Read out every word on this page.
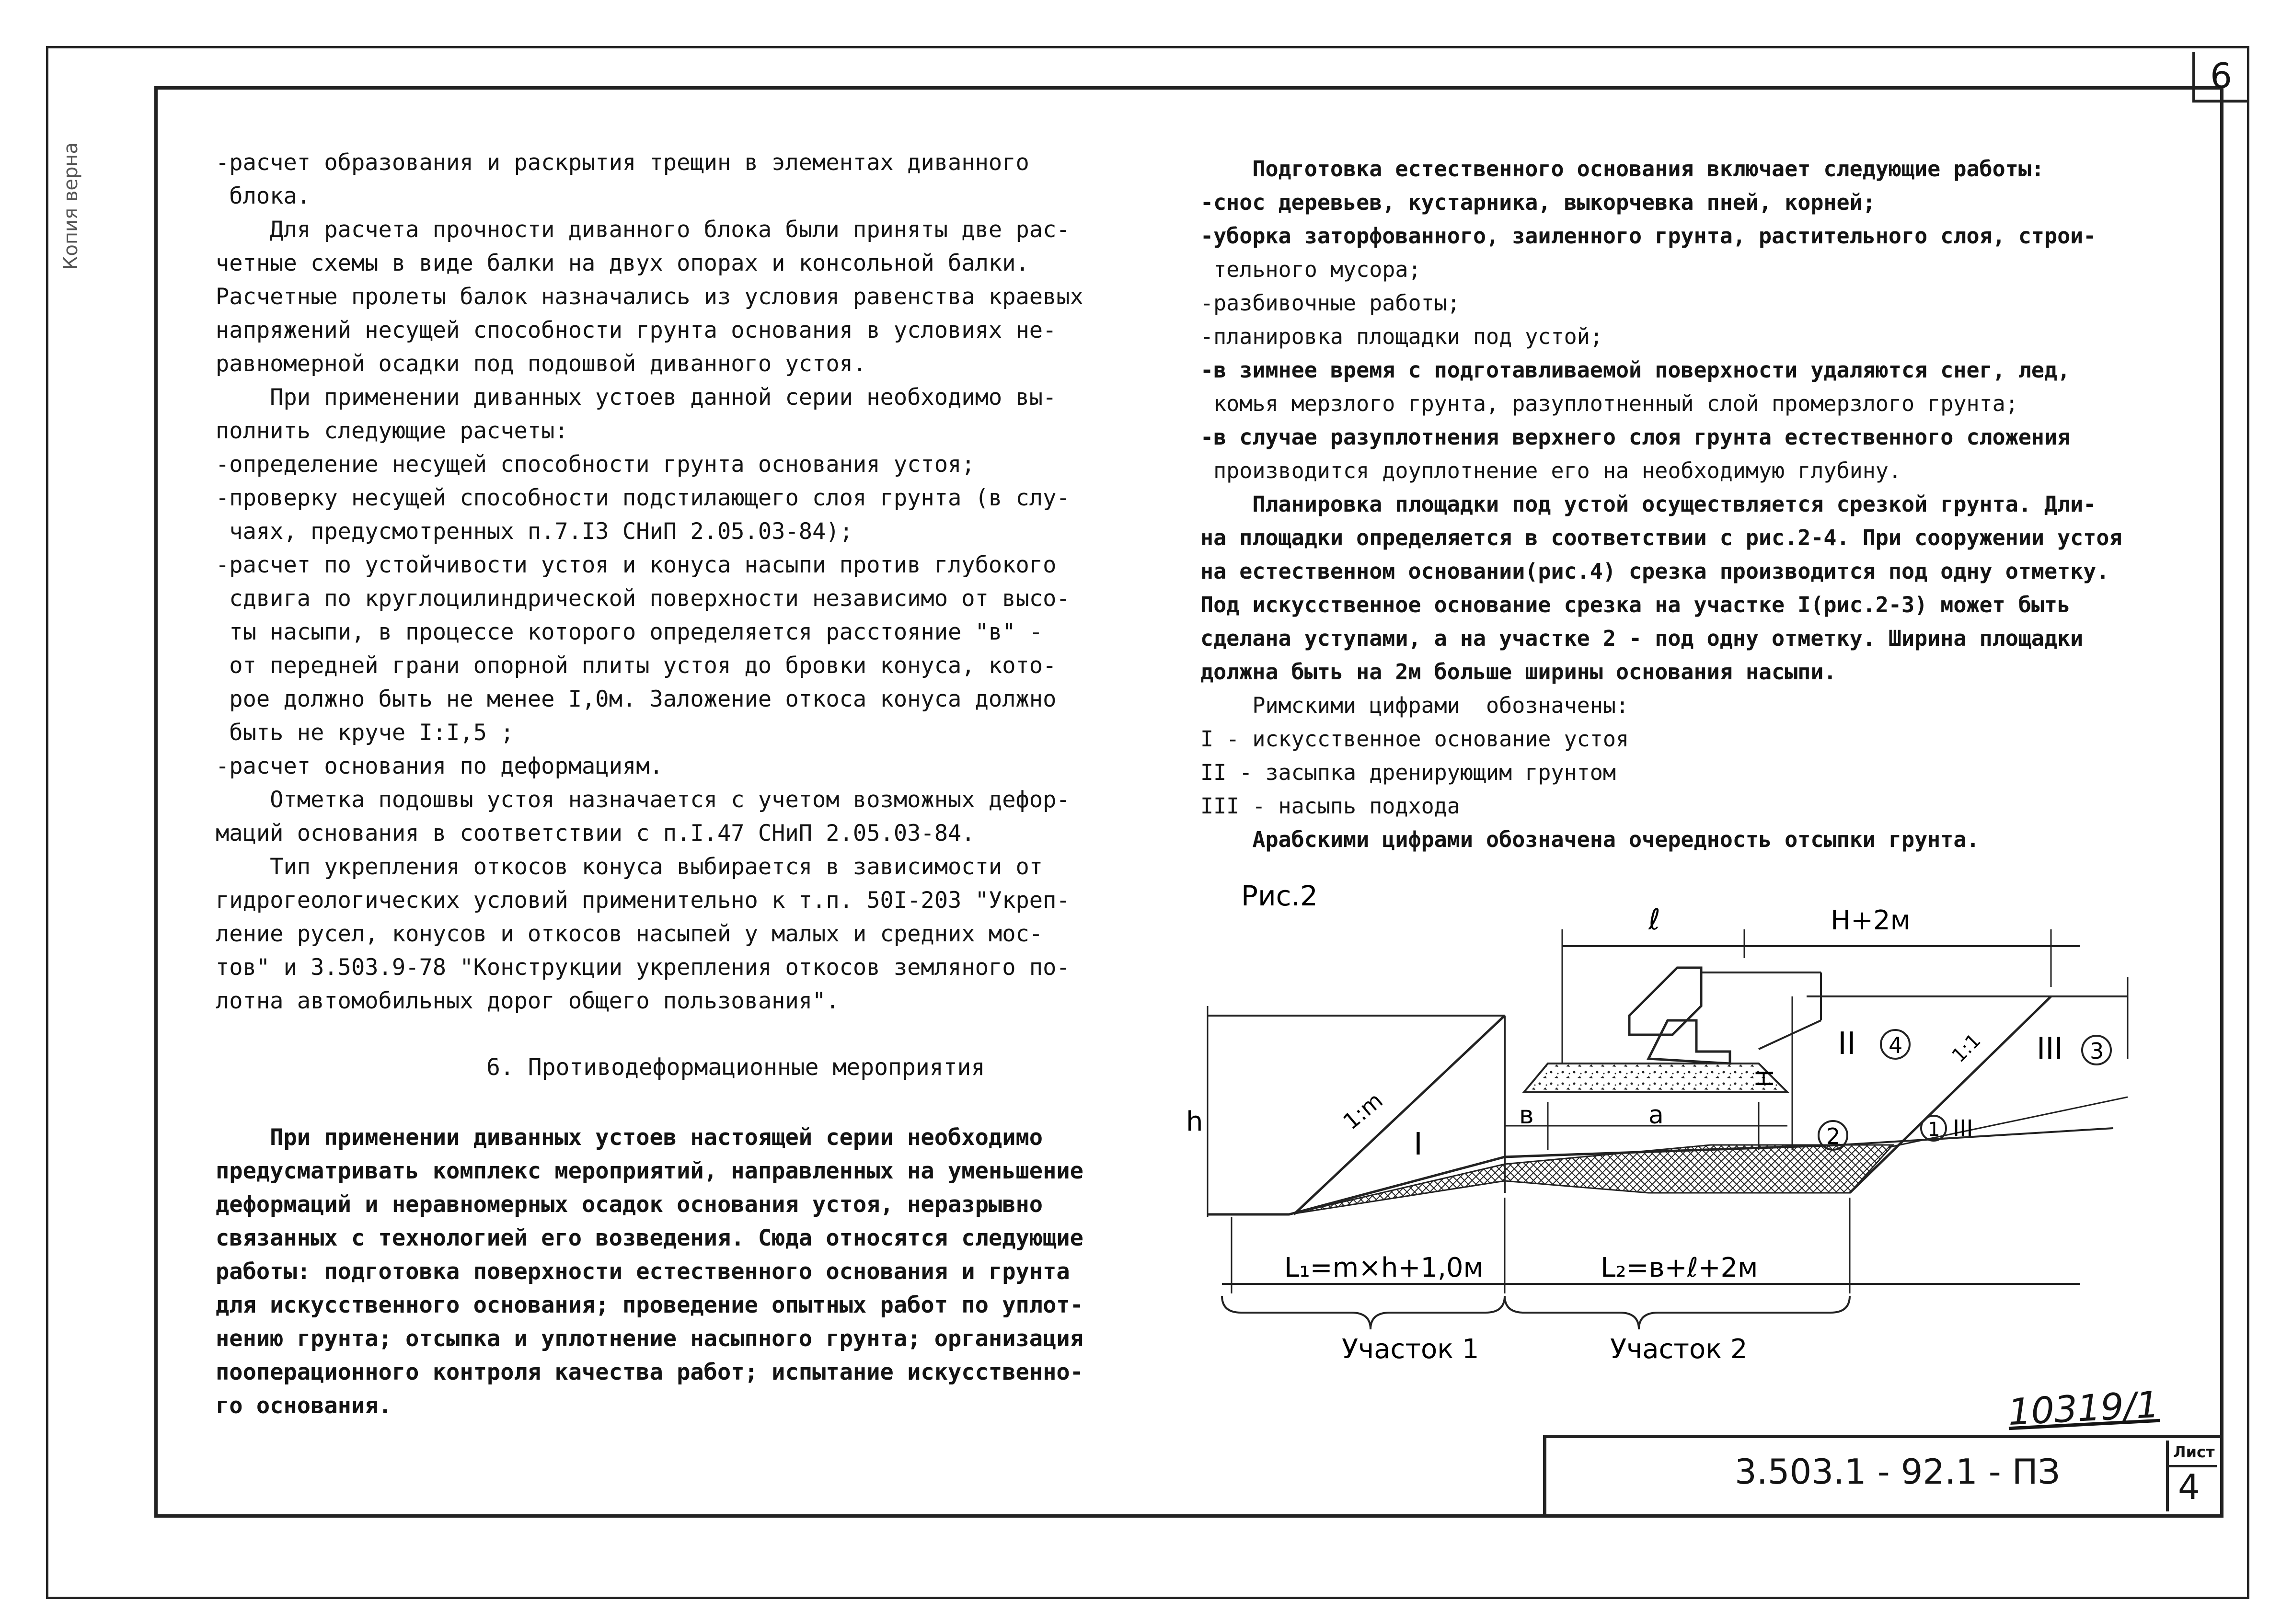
6
Копия верна	-расчет образования и раскрытия трещин в элементах диванного
блока.
Для расчета прочности диванного блока были приняты две рас-
четные схемы в виде балки на двух опорах и консольной балки.
Расчетные пролеты балок назначались из условия равенства краевых
напряжений несущей способности грунта основания в условиях не-
равномерной осадки под подошвой диванного устоя.
При применении диванных устоев данной серии необходимо вы-
полнить следующие расчеты:
-определение несущей способности грунта основания устоя;
-проверку несущей способности подстилающего слоя грунта (в слу-
чаях, предусмотренных п.7.I3 СНиП 2.05.03-84);
-расчет по устойчивости устоя и конуса насыпи против глубокого
сдвига по круглоцилиндрической поверхности независимо от высо-
ты насыпи, в процессе которого определяется расстояние "в" -
от передней грани опорной плиты устоя до бровки конуса, кото-
рое должно быть не менее I,0м. Заложение откоса конуса должно
быть не круче I:I,5 ;
-расчет основания по деформациям.
Отметка подошвы устоя назначается с учетом возможных дефор-
маций основания в соответствии с п.I.47 СНиП 2.05.03-84.
Тип укрепления откосов конуса выбирается в зависимости от
гидрогеологических условий применительно к т.п. 50I-203 "Укреп-
ление русел, конусов и откосов насыпей у малых и средних мос-
тов" и 3.503.9-78 "Конструкции укрепления откосов земляного по-
лотна автомобильных дорог общего пользования".
6. Противодеформационные мероприятия
При применении диванных устоев настоящей серии необходимо
предусматривать комплекс мероприятий, направленных на уменьшение
деформаций и неравномерных осадок основания устоя, неразрывно
связанных с технологией его возведения. Сюда относятся следующие
работы: подготовка поверхности естественного основания и грунта
для искусственного основания; проведение опытных работ по уплот-
нению грунта; отсыпка и уплотнение насыпного грунта; организация
пооперационного контроля качества работ; испытание искусственно-
го основания.
Подготовка естественного основания включает следующие работы:
-снос деревьев, кустарника, выкорчевка пней, корней;
-уборка заторфованного, заиленного грунта, растительного слоя, строи-
тельного мусора;
-разбивочные работы;
-планировка площадки под устой;
-в зимнее время с подготавливаемой поверхности удаляются снег, лед,
комья мерзлого грунта, разуплотненный слой промерзлого грунта;
-в случае разуплотнения верхнего слоя грунта естественного сложения
производится доуплотнение его на необходимую глубину.
Планировка площадки под устой осуществляется срезкой грунта. Дли-
на площадки определяется в соответствии с рис.2-4. При сооружении устоя
на естественном основании(рис.4) срезка производится под одну отметку.
Под искусственное основание срезка на участке I(рис.2-3) может быть
сделана уступами, а на участке 2 - под одну отметку. Ширина площадки
должна быть на 2м больше ширины основания насыпи.
Римскими цифрами  обозначены:
I - искусственное основание устоя
II - засыпка дренирующим грунтом
III - насыпь подхода
Арабскими цифрами обозначена очередность отсыпки грунта.
Рис.2
ℓ	H+2м
1:m
h
I
в	a
2
H
II 4 1:1 III 3
1 III
L₁=m×h+1,0м	L₂=в+ℓ+2м
Участок 1	Участок 2
10319/1
3.503.1 - 92.1 - ПЗ	Лист
4
